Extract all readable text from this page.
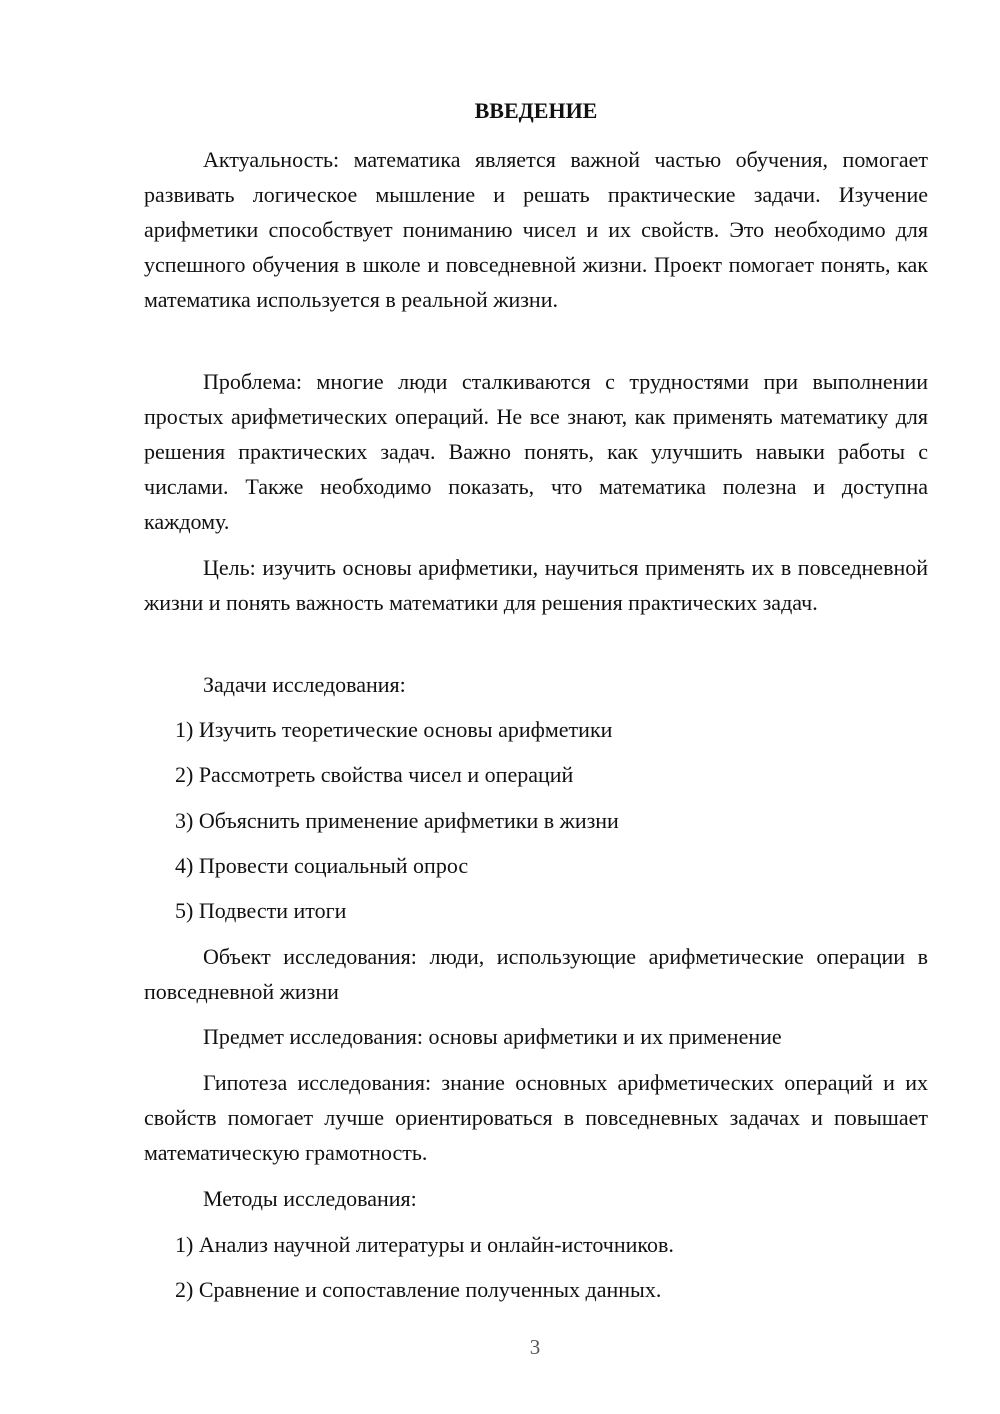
ВВЕДЕНИЕ

Актуальность: математика является важной частью обучения, помогает развивать логическое мышление и решать практические задачи. Изучение арифметики способствует пониманию чисел и их свойств. Это необходимо для успешного обучения в школе и повседневной жизни. Проект помогает понять, как математика используется в реальной жизни.

Проблема: многие люди сталкиваются с трудностями при выполнении простых арифметических операций. Не все знают, как применять математику для решения практических задач. Важно понять, как улучшить навыки работы с числами. Также необходимо показать, что математика полезна и доступна каждому.

Цель: изучить основы арифметики, научиться применять их в повседневной жизни и понять важность математики для решения практических задач.

Задачи исследования:

1) Изучить теоретические основы арифметики

2) Рассмотреть свойства чисел и операций

3) Объяснить применение арифметики в жизни

4) Провести социальный опрос

5) Подвести итоги

Объект исследования: люди, использующие арифметические операции в повседневной жизни

Предмет исследования: основы арифметики и их применение

Гипотеза исследования: знание основных арифметических операций и их свойств помогает лучше ориентироваться в повседневных задачах и повышает математическую грамотность.

Методы исследования:

1) Анализ научной литературы и онлайн-источников.

2) Сравнение и сопоставление полученных данных.

3
